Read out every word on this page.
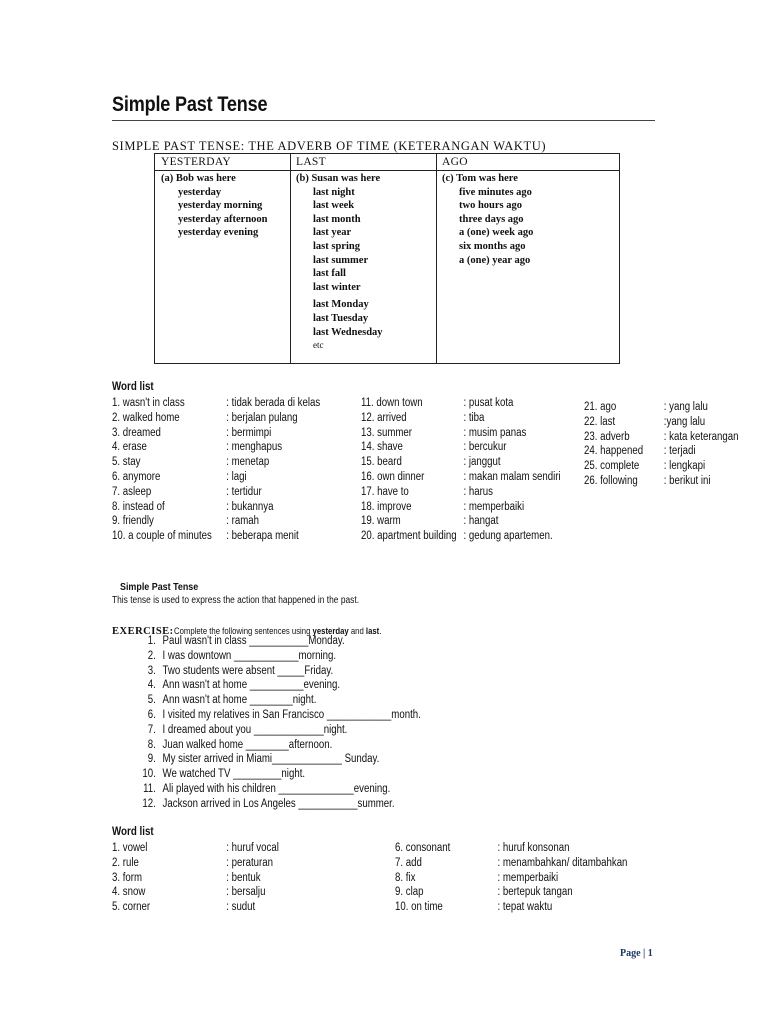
Simple Past Tense
SIMPLE PAST TENSE: THE ADVERB OF TIME (KETERANGAN WAKTU)
YESTERDAY
(a) Bob was here
yesterday
yesterday morning
yesterday afternoon
yesterday evening
LAST
(b) Susan was here
last night
last week
last month
last year
last spring
last summer
last fall
last winter
last Monday
last Tuesday
last Wednesday
etc
AGO
(c) Tom was here
five minutes ago
two hours ago
three days ago
a (one) week ago
six months ago
a (one) year ago
Word list
1. wasn't in class	: tidak berada di kelas
2. walked home	: berjalan pulang
3. dreamed	: bermimpi
4. erase	: menghapus
5. stay	: menetap
6. anymore	: lagi
7. asleep	: tertidur
8. instead of	: bukannya
9. friendly	: ramah
10. a couple of minutes : beberapa menit
11. down town	: pusat kota
12. arrived	: tiba
13. summer	: musim panas
14. shave	: bercukur
15. beard	: janggut
16. own dinner	: makan malam sendiri
17. have to	: harus
18. improve	: memperbaiki
19. warm	: hangat
20. apartment building : gedung apartemen.
21. ago	: yang lalu
22. last	:yang lalu
23. adverb	: kata keterangan
24. happened : terjadi
25. complete : lengkapi
26. following : berikut ini
Simple Past Tense
This tense is used to express the action that happened in the past.
EXERCISE:Complete the following sentences using yesterday and last.
1. Paul wasn't in class ___________Monday.
2. I was downtown ____________morning.
3. Two students were absent _____Friday.
4. Ann wasn't at home __________evening.
5. Ann wasn't at home ________night.
6. I visited my relatives in San Francisco ____________month.
7. I dreamed about you _____________night.
8. Juan walked home ________afternoon.
9. My sister arrived in Miami_____________ Sunday.
10. We watched TV _________night.
11. Ali played with his children ______________evening.
12. Jackson arrived in Los Angeles ___________summer.
Word list
1. vowel	: huruf vocal
2. rule	: peraturan
3. form	: bentuk
4. snow	: bersalju
5. corner	: sudut
6. consonant	: huruf konsonan
7. add	: menambahkan/ ditambahkan
8. fix	: memperbaiki
9. clap	: bertepuk tangan
10. on time	: tepat waktu
Page | 1
